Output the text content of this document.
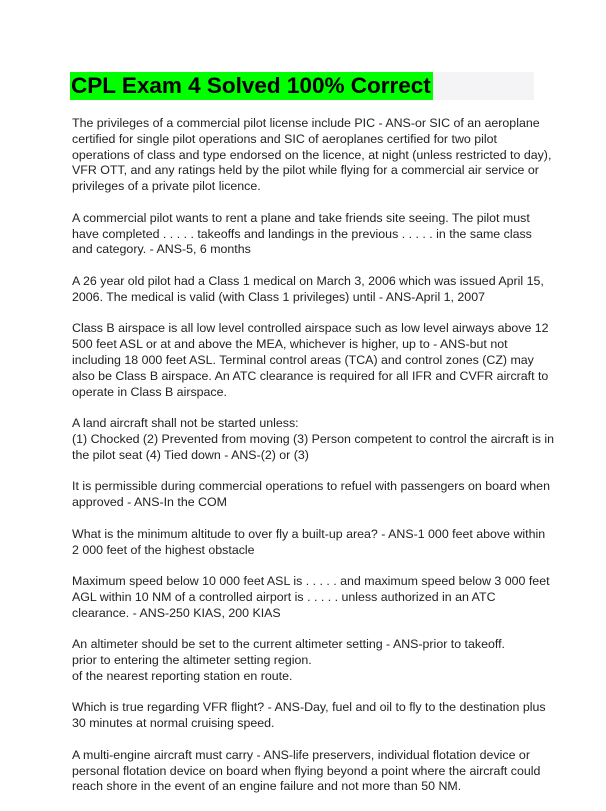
CPL Exam 4 Solved 100% Correct

The privileges of a commercial pilot license include PIC - ANS-or SIC of an aeroplane
certified for single pilot operations and SIC of aeroplanes certified for two pilot
operations of class and type endorsed on the licence, at night (unless restricted to day),
VFR OTT, and any ratings held by the pilot while flying for a commercial air service or
privileges of a private pilot licence.

A commercial pilot wants to rent a plane and take friends site seeing. The pilot must
have completed . . . . . takeoffs and landings in the previous . . . . . in the same class
and category. - ANS-5, 6 months

A 26 year old pilot had a Class 1 medical on March 3, 2006 which was issued April 15,
2006. The medical is valid (with Class 1 privileges) until - ANS-April 1, 2007

Class B airspace is all low level controlled airspace such as low level airways above 12
500 feet ASL or at and above the MEA, whichever is higher, up to - ANS-but not
including 18 000 feet ASL. Terminal control areas (TCA) and control zones (CZ) may
also be Class B airspace. An ATC clearance is required for all IFR and CVFR aircraft to
operate in Class B airspace.

A land aircraft shall not be started unless:
(1) Chocked (2) Prevented from moving (3) Person competent to control the aircraft is in
the pilot seat (4) Tied down - ANS-(2) or (3)

It is permissible during commercial operations to refuel with passengers on board when
approved - ANS-In the COM

What is the minimum altitude to over fly a built-up area? - ANS-1 000 feet above within
2 000 feet of the highest obstacle

Maximum speed below 10 000 feet ASL is . . . . . and maximum speed below 3 000 feet
AGL within 10 NM of a controlled airport is . . . . . unless authorized in an ATC
clearance. - ANS-250 KIAS, 200 KIAS

An altimeter should be set to the current altimeter setting - ANS-prior to takeoff.
prior to entering the altimeter setting region.
of the nearest reporting station en route.

Which is true regarding VFR flight? - ANS-Day, fuel and oil to fly to the destination plus
30 minutes at normal cruising speed.

A multi-engine aircraft must carry - ANS-life preservers, individual flotation device or
personal flotation device on board when flying beyond a point where the aircraft could
reach shore in the event of an engine failure and not more than 50 NM.
